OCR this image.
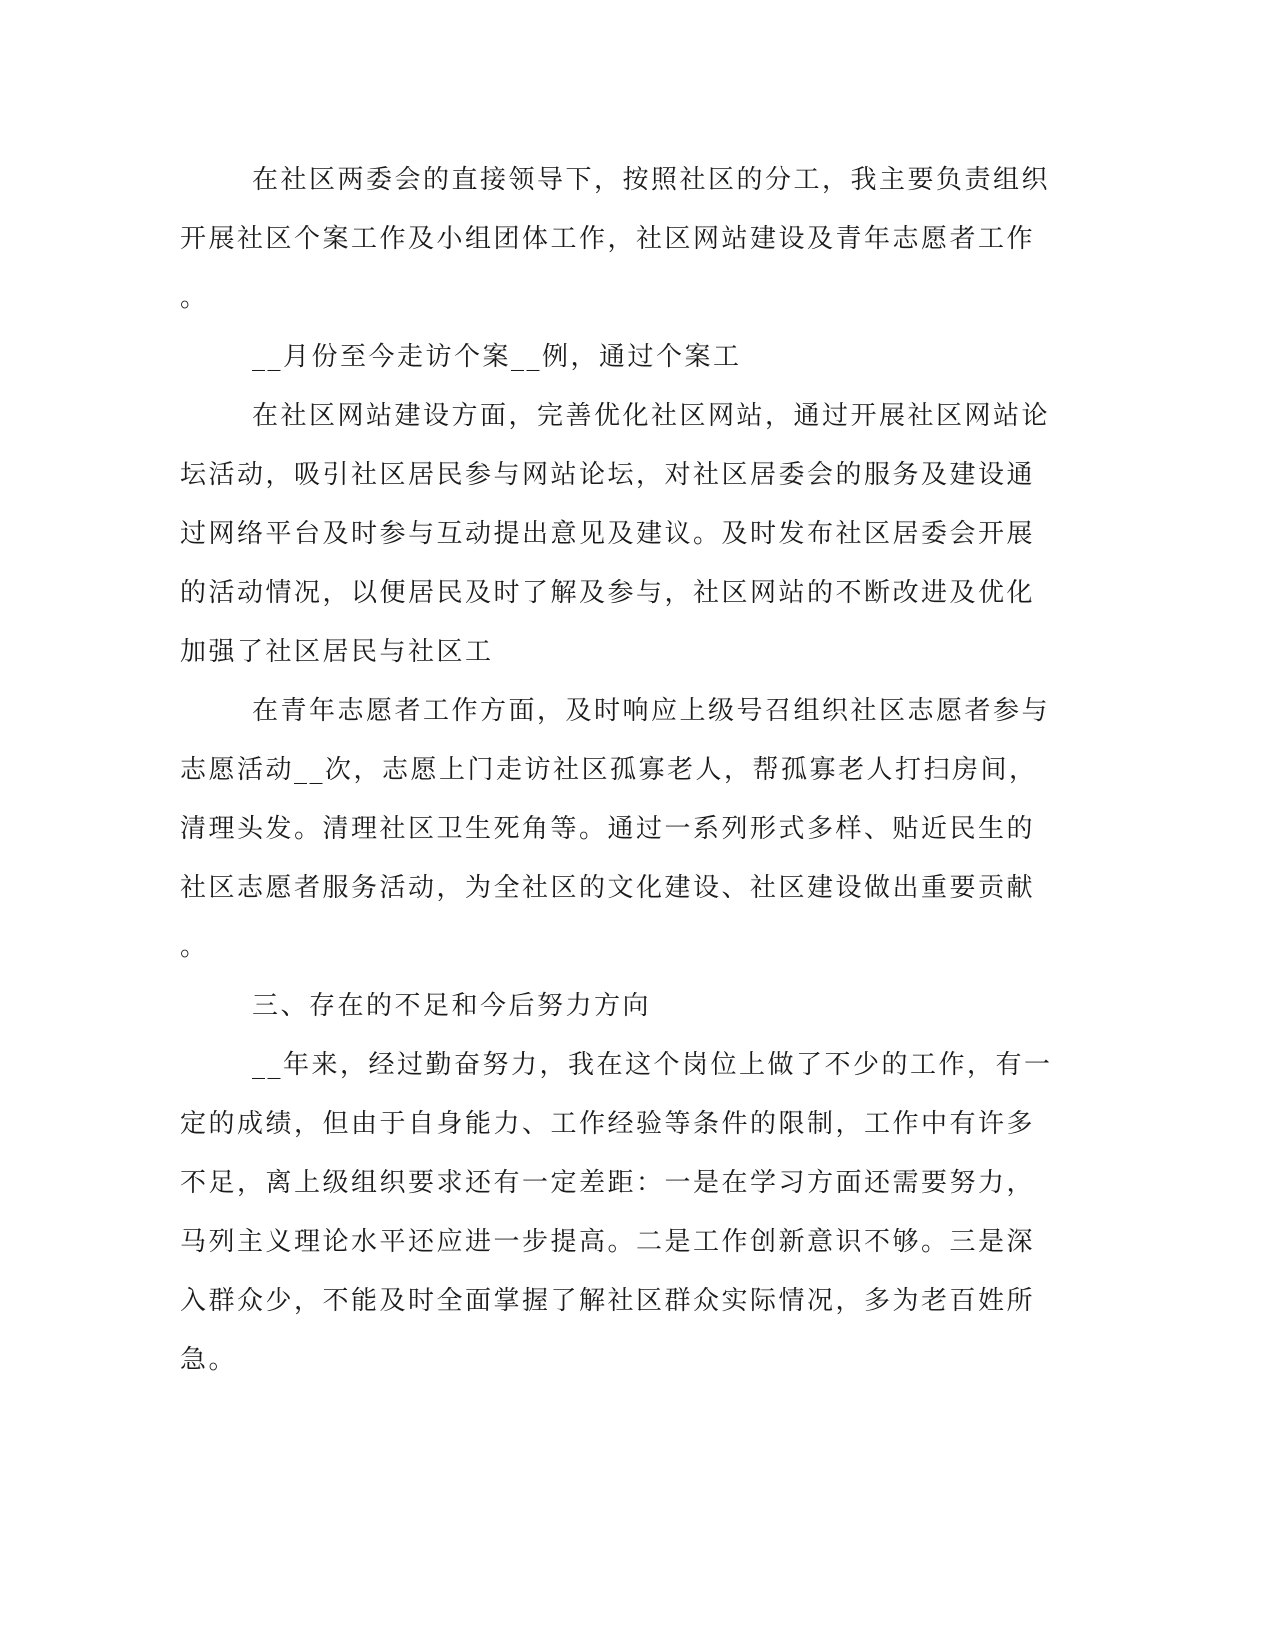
在社区两委会的直接领导下，按照社区的分工，我主要负责组织
开展社区个案工作及小组团体工作，社区网站建设及青年志愿者工作
。
__月份至今走访个案__例，通过个案工
在社区网站建设方面，完善优化社区网站，通过开展社区网站论
坛活动，吸引社区居民参与网站论坛，对社区居委会的服务及建设通
过网络平台及时参与互动提出意见及建议。及时发布社区居委会开展
的活动情况，以便居民及时了解及参与，社区网站的不断改进及优化
加强了社区居民与社区工
在青年志愿者工作方面，及时响应上级号召组织社区志愿者参与
志愿活动__次，志愿上门走访社区孤寡老人，帮孤寡老人打扫房间，
清理头发。清理社区卫生死角等。通过一系列形式多样、贴近民生的
社区志愿者服务活动，为全社区的文化建设、社区建设做出重要贡献
。
三、存在的不足和今后努力方向
__年来，经过勤奋努力，我在这个岗位上做了不少的工作，有一
定的成绩，但由于自身能力、工作经验等条件的限制，工作中有许多
不足，离上级组织要求还有一定差距：一是在学习方面还需要努力，
马列主义理论水平还应进一步提高。二是工作创新意识不够。三是深
入群众少，不能及时全面掌握了解社区群众实际情况，多为老百姓所
急。
